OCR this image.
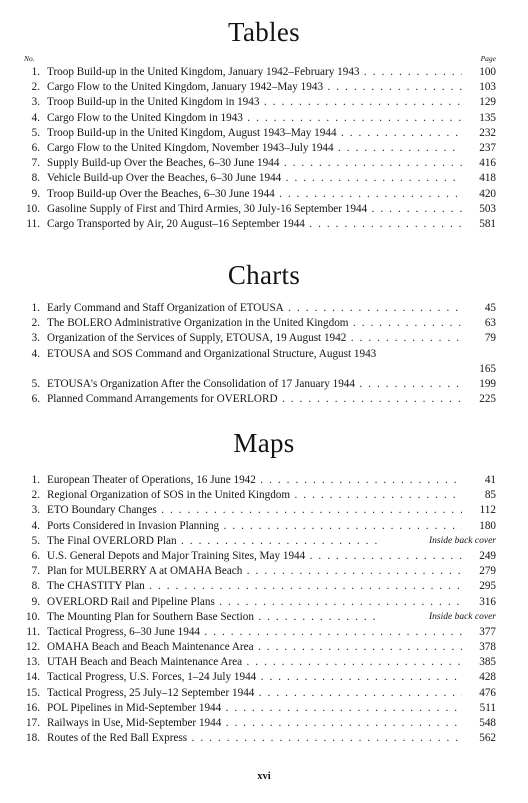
Tables
No.	Page
1. Troop Build-up in the United Kingdom, January 1942–February 1943 . . .	100
2. Cargo Flow to the United Kingdom, January 1942–May 1943 . . .	103
3. Troop Build-up in the United Kingdom in 1943 . . .	129
4. Cargo Flow to the United Kingdom in 1943 . . .	135
5. Troop Build-up in the United Kingdom, August 1943–May 1944 . . .	232
6. Cargo Flow to the United Kingdom, November 1943–July 1944 . . .	237
7. Supply Build-up Over the Beaches, 6–30 June 1944 . . .	416
8. Vehicle Build-up Over the Beaches, 6–30 June 1944 . . .	418
9. Troop Build-up Over the Beaches, 6–30 June 1944 . . .	420
10. Gasoline Supply of First and Third Armies, 30 July-16 September 1944 . . .	503
11. Cargo Transported by Air, 20 August–16 September 1944 . . .	581
Charts
1. Early Command and Staff Organization of ETOUSA . . .	45
2. The BOLERO Administrative Organization in the United Kingdom . . .	63
3. Organization of the Services of Supply, ETOUSA, 19 August 1942 . . .	79
4. ETOUSA and SOS Command and Organizational Structure, August 1943
165
5. ETOUSA's Organization After the Consolidation of 17 January 1944 . . .	199
6. Planned Command Arrangements for OVERLORD . . .	225
Maps
1. European Theater of Operations, 16 June 1942 . . .	41
2. Regional Organization of SOS in the United Kingdom . . .	85
3. ETO Boundary Changes . . .	112
4. Ports Considered in Invasion Planning . . .	180
5. The Final OVERLORD Plan . . .	Inside back cover
6. U.S. General Depots and Major Training Sites, May 1944 . . .	249
7. Plan for MULBERRY A at OMAHA Beach . . .	279
8. The CHASTITY Plan . . .	295
9. OVERLORD Rail and Pipeline Plans . . .	316
10. The Mounting Plan for Southern Base Section . . .	Inside back cover
11. Tactical Progress, 6–30 June 1944 . . .	377
12. OMAHA Beach and Beach Maintenance Area . . .	378
13. UTAH Beach and Beach Maintenance Area . . .	385
14. Tactical Progress, U.S. Forces, 1–24 July 1944 . . .	428
15. Tactical Progress, 25 July–12 September 1944 . . .	476
16. POL Pipelines in Mid-September 1944 . . .	511
17. Railways in Use, Mid-September 1944 . . .	548
18. Routes of the Red Ball Express . . .	562
xvi
